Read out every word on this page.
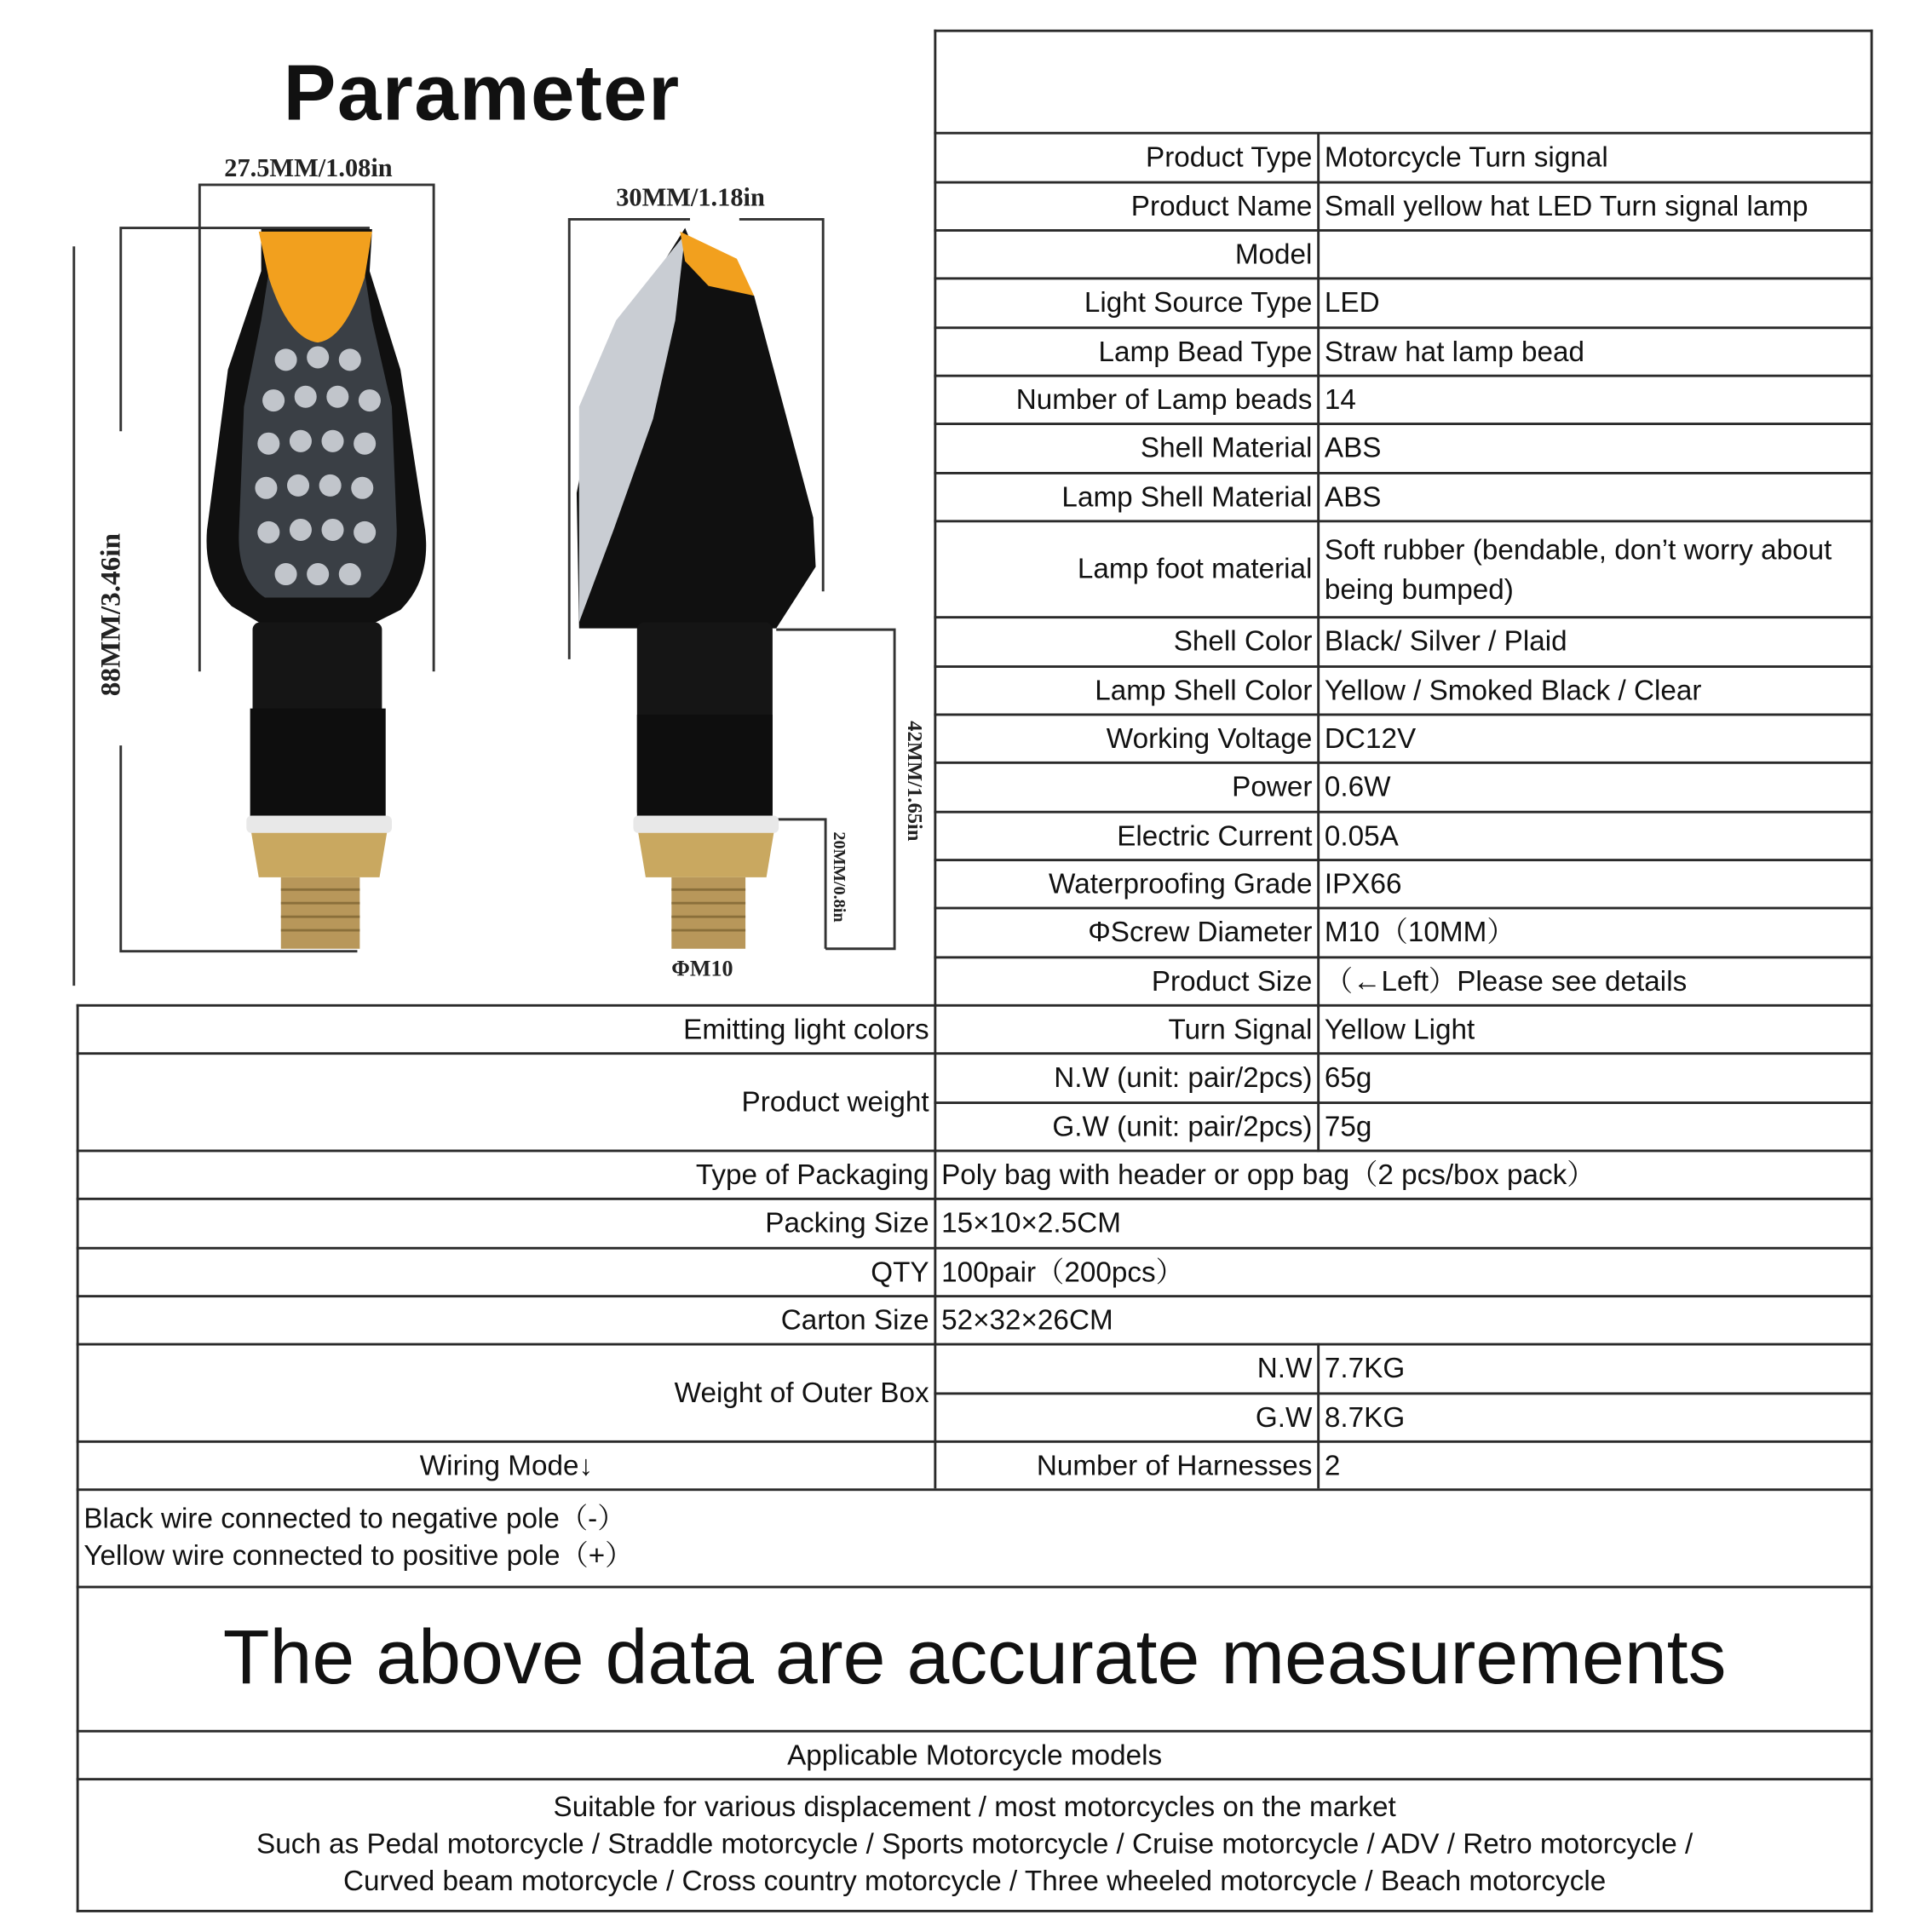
Parameter
27.5MM/1.08in
30MM/1.18in
88MM/3.46in
42MM/1.65in
20MM/0.8in
ΦM10
Product Type Motorcycle Turn signal
Product Name Small yellow hat LED Turn signal lamp
Model
Light Source Type LED
Lamp Bead Type Straw hat lamp bead
Number of Lamp beads 14
Shell Material ABS
Lamp Shell Material ABS
Lamp foot material
Soft rubber (bendable, don’t worry about being bumped)
Shell Color Black/ Silver / Plaid
Lamp Shell Color Yellow / Smoked Black / Clear
Working Voltage DC12V
Power 0.6W
Electric Current 0.05A
Waterproofing Grade IPX66
ΦScrew Diameter M10（10MM）
Product Size （←Left）Please see details
Emitting light colors	Turn Signal Yellow Light
Product weight
N.W (unit: pair/2pcs) 65g
G.W (unit: pair/2pcs) 75g
Type of Packaging Poly bag with header or opp bag（2 pcs/box pack）
Packing Size 15×10×2.5CM
QTY 100pair（200pcs）
Carton Size 52×32×26CM
Weight of Outer Box
N.W 7.7KG
G.W 8.7KG
Wiring Mode↓	Number of Harnesses 2
Black wire connected to negative pole（-）
Yellow wire connected to positive pole（+）
The above data are accurate measurements
Applicable Motorcycle models
Suitable for various displacement / most motorcycles on the market
Such as Pedal motorcycle / Straddle motorcycle / Sports motorcycle / Cruise motorcycle / ADV / Retro motorcycle /
Curved beam motorcycle / Cross country motorcycle / Three wheeled motorcycle / Beach motorcycle
